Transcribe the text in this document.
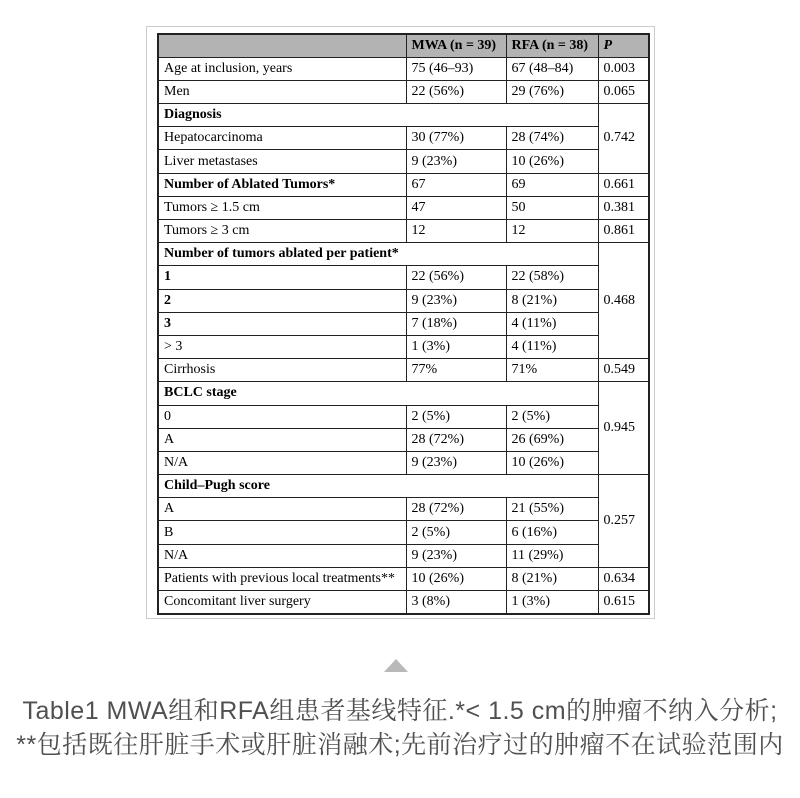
	MWA (n = 39)	RFA (n = 38)	P
Age at inclusion, years	75 (46–93)	67 (48–84)	0.003
Men	22 (56%)	29 (76%)	0.065
Diagnosis			0.742
Hepatocarcinoma	30 (77%)	28 (74%)	
Liver metastases	9 (23%)	10 (26%)	
Number of Ablated Tumors*	67	69	0.661
Tumors ≥ 1.5 cm	47	50	0.381
Tumors ≥ 3 cm	12	12	0.861
Number of tumors ablated per patient*			0.468
1	22 (56%)	22 (58%)	
2	9 (23%)	8 (21%)	
3	7 (18%)	4 (11%)	
> 3	1 (3%)	4 (11%)	
Cirrhosis	77%	71%	0.549
BCLC stage			0.945
0	2 (5%)	2 (5%)	
A	28 (72%)	26 (69%)	
N/A	9 (23%)	10 (26%)	
Child–Pugh score			0.257
A	28 (72%)	21 (55%)	
B	2 (5%)	6 (16%)	
N/A	9 (23%)	11 (29%)	
Patients with previous local treatments**	10 (26%)	8 (21%)	0.634
Concomitant liver surgery	3 (8%)	1 (3%)	0.615
Table1 MWA组和RFA组患者基线特征.*< 1.5 cm的肿瘤不纳入分析;
**包括既往肝脏手术或肝脏消融术;先前治疗过的肿瘤不在试验范围内
